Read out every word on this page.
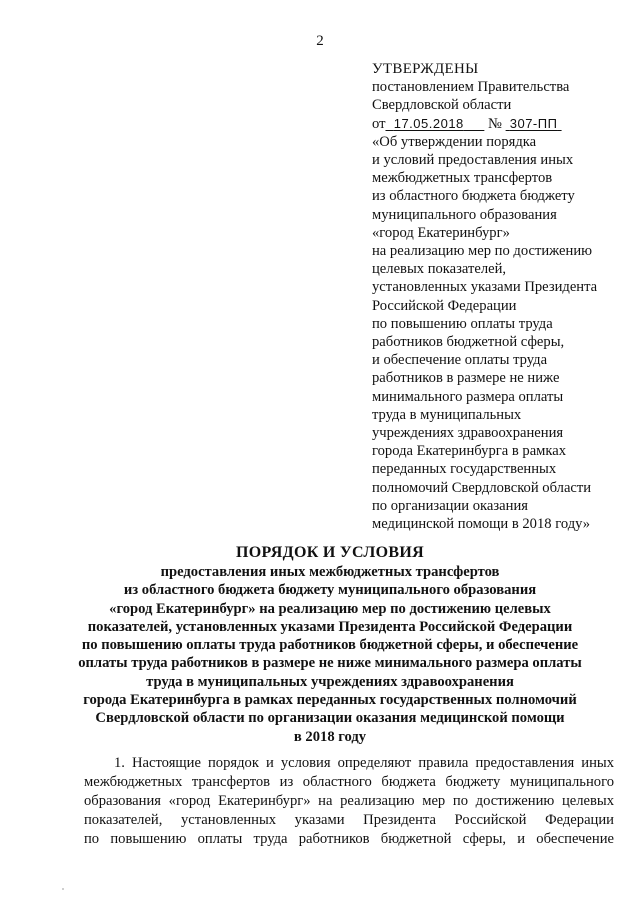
2
УТВЕРЖДЕНЫ
постановлением Правительства
Свердловской области
от 17.05.2018 № 307-ПП
«Об утверждении порядка
и условий предоставления иных
межбюджетных трансфертов
из областного бюджета бюджету
муниципального образования
«город Екатеринбург»
на реализацию мер по достижению
целевых показателей,
установленных указами Президента
Российской Федерации
по повышению оплаты труда
работников бюджетной сферы,
и обеспечение оплаты труда
работников в размере не ниже
минимального размера оплаты
труда в муниципальных
учреждениях здравоохранения
города Екатеринбурга в рамках
переданных государственных
полномочий Свердловской области
по организации оказания
медицинской помощи в 2018 году»
ПОРЯДОК И УСЛОВИЯ
предоставления иных межбюджетных трансфертов
из областного бюджета бюджету муниципального образования
«город Екатеринбург» на реализацию мер по достижению целевых
показателей, установленных указами Президента Российской Федерации
по повышению оплаты труда работников бюджетной сферы, и обеспечение
оплаты труда работников в размере не ниже минимального размера оплаты
труда в муниципальных учреждениях здравоохранения
города Екатеринбурга в рамках переданных государственных полномочий
Свердловской области по организации оказания медицинской помощи
в 2018 году
1. Настоящие порядок и условия определяют правила предоставления иных
межбюджетных трансфертов из областного бюджета бюджету муниципального
образования «город Екатеринбург» на реализацию мер по достижению целевых
показателей, установленных указами Президента Российской Федерации
по повышению оплаты труда работников бюджетной сферы, и обеспечение
